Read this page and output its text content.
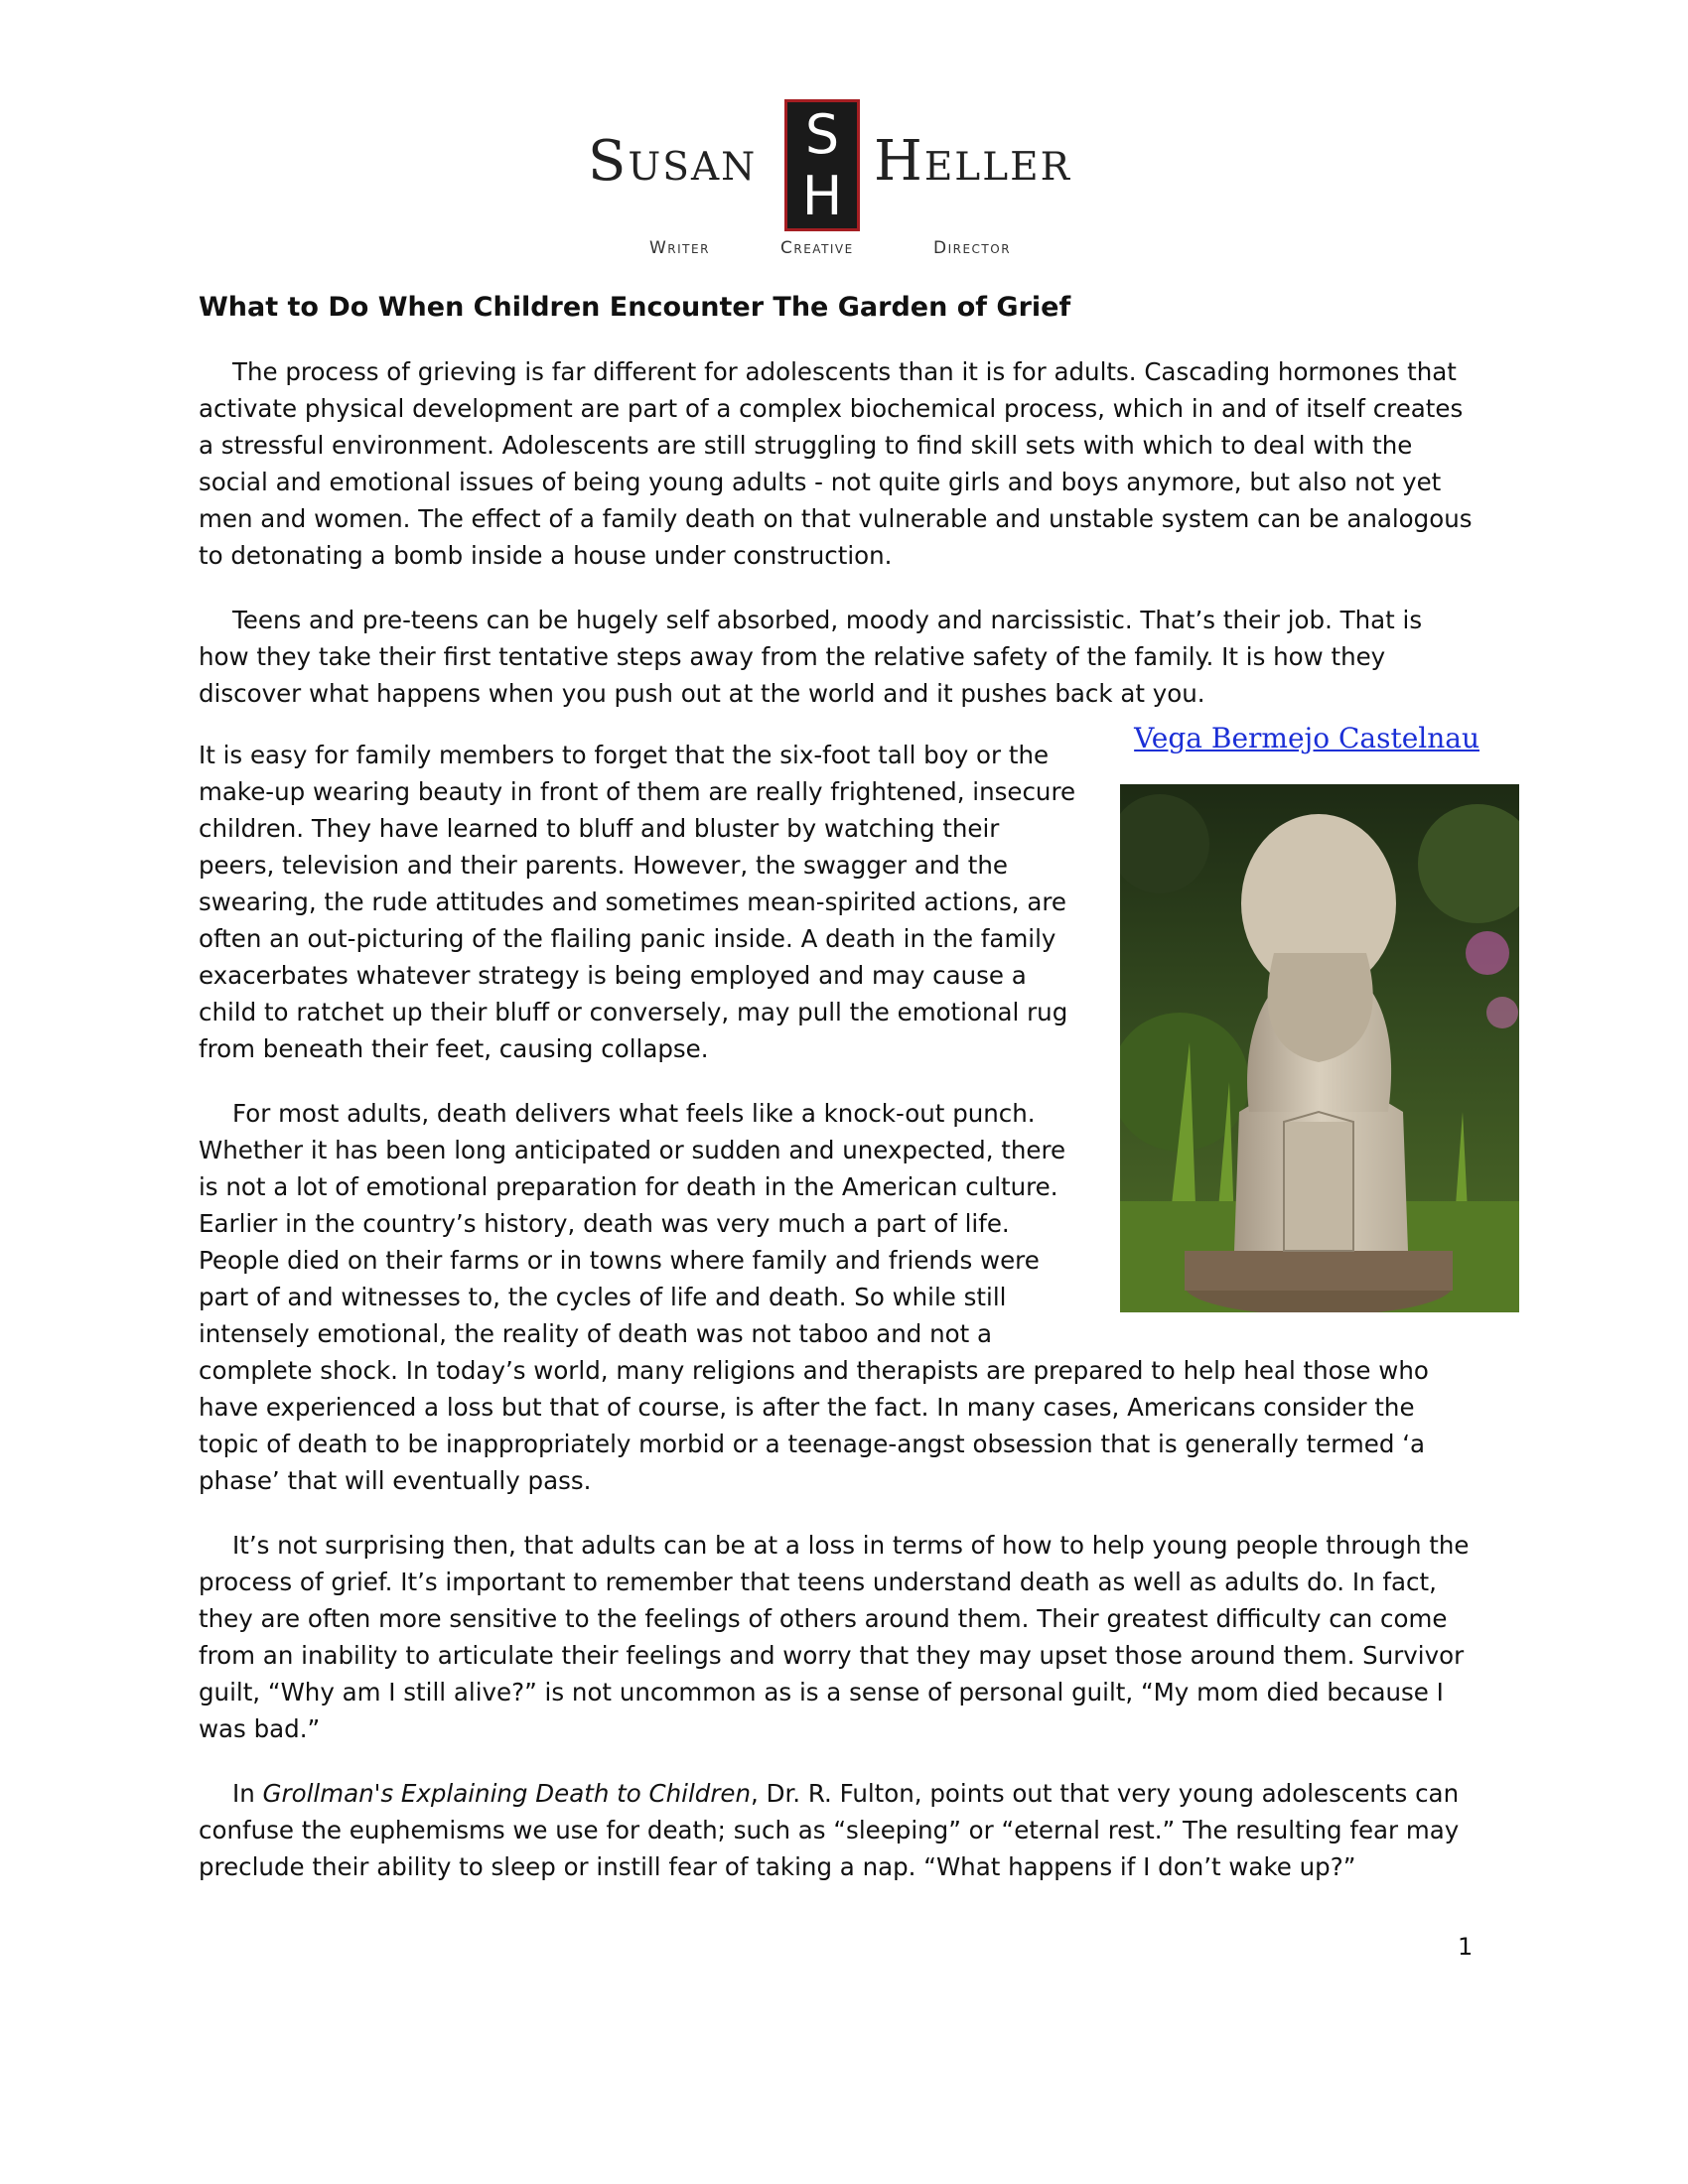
Susan S
H
Heller
Writer	Creative	Director
What to Do When Children Encounter The Garden of Grief

The process of grieving is far different for adolescents than it is for adults. Cascading hormones that activate physical development are part of a complex biochemical process, which in and of itself creates a stressful environment. Adolescents are still struggling to find skill sets with which to deal with the social and emotional issues of being young adults - not quite girls and boys anymore, but also not yet men and women. The effect of a family death on that vulnerable and unstable system can be analogous to detonating a bomb inside a house under construction.

Teens and pre-teens can be hugely self absorbed, moody and narcissistic. That’s their job. That is how they take their first tentative steps away from the relative safety of the family. It is how they discover what happens when you push out at the world and it pushes back at you.

Vega Bermejo Castelnau

It is easy for family members to forget that the six-foot tall boy or the make-up wearing beauty in front of them are really frightened, insecure children. They have learned to bluff and bluster by watching their peers, television and their parents. However, the swagger and the swearing, the rude attitudes and sometimes mean-spirited actions, are often an out-picturing of the flailing panic inside. A death in the family exacerbates whatever strategy is being employed and may cause a child to ratchet up their bluff or conversely, may pull the emotional rug from beneath their feet, causing collapse.

For most adults, death delivers what feels like a knock-out punch. Whether it has been long anticipated or sudden and unexpected, there is not a lot of emotional preparation for death in the American culture. Earlier in the country’s history, death was very much a part of life. People died on their farms or in towns where family and friends were part of and witnesses to, the cycles of life and death. So while still intensely emotional, the reality of death was not taboo and not a complete shock. In today’s world, many religions and therapists are prepared to help heal those who have experienced a loss but that of course, is after the fact. In many cases, Americans consider the topic of death to be inappropriately morbid or a teenage-angst obsession that is generally termed ‘a phase’ that will eventually pass.

It’s not surprising then, that adults can be at a loss in terms of how to help young people through the process of grief. It’s important to remember that teens understand death as well as adults do. In fact, they are often more sensitive to the feelings of others around them. Their greatest difficulty can come from an inability to articulate their feelings and worry that they may upset those around them. Survivor guilt, “Why am I still alive?” is not uncommon as is a sense of personal guilt, “My mom died because I was bad.”

In Grollman's Explaining Death to Children, Dr. R. Fulton, points out that very young adolescents can confuse the euphemisms we use for death; such as “sleeping” or “eternal rest.” The resulting fear may preclude their ability to sleep or instill fear of taking a nap. “What happens if I don’t wake up?”

1
